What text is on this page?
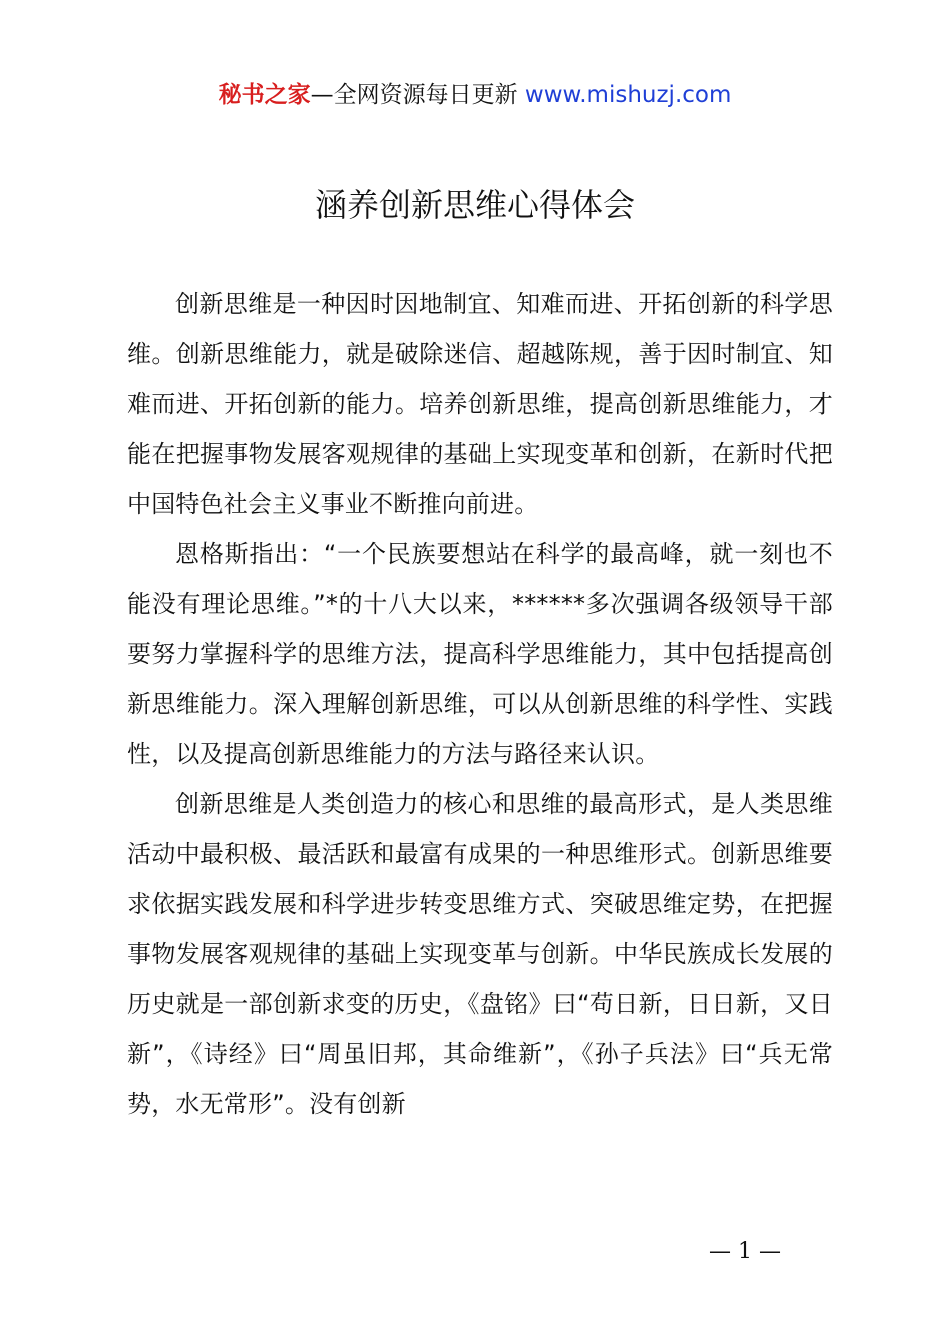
秘书之家—全网资源每日更新 www.mishuzj.com
涵养创新思维心得体会

创新思维是一种因时因地制宜、知难而进、开拓创新的科学思维。创新思维能力，就是破除迷信、超越陈规，善于因时制宜、知难而进、开拓创新的能力。培养创新思维，提高创新思维能力，才能在把握事物发展客观规律的基础上实现变革和创新，在新时代把中国特色社会主义事业不断推向前进。

恩格斯指出：“一个民族要想站在科学的最高峰，就一刻也不能没有理论思维。”*的十八大以来，******多次强调各级领导干部要努力掌握科学的思维方法，提高科学思维能力，其中包括提高创新思维能力。深入理解创新思维，可以从创新思维的科学性、实践性，以及提高创新思维能力的方法与路径来认识。

创新思维是人类创造力的核心和思维的最高形式，是人类思维活动中最积极、最活跃和最富有成果的一种思维形式。创新思维要求依据实践发展和科学进步转变思维方式、突破思维定势，在把握事物发展客观规律的基础上实现变革与创新。中华民族成长发展的历史就是一部创新求变的历史，《盘铭》曰“苟日新，日日新，又日新”，《诗经》曰“周虽旧邦，其命维新”，《孙子兵法》曰“兵无常势，水无常形”。没有创新

— 1 —
